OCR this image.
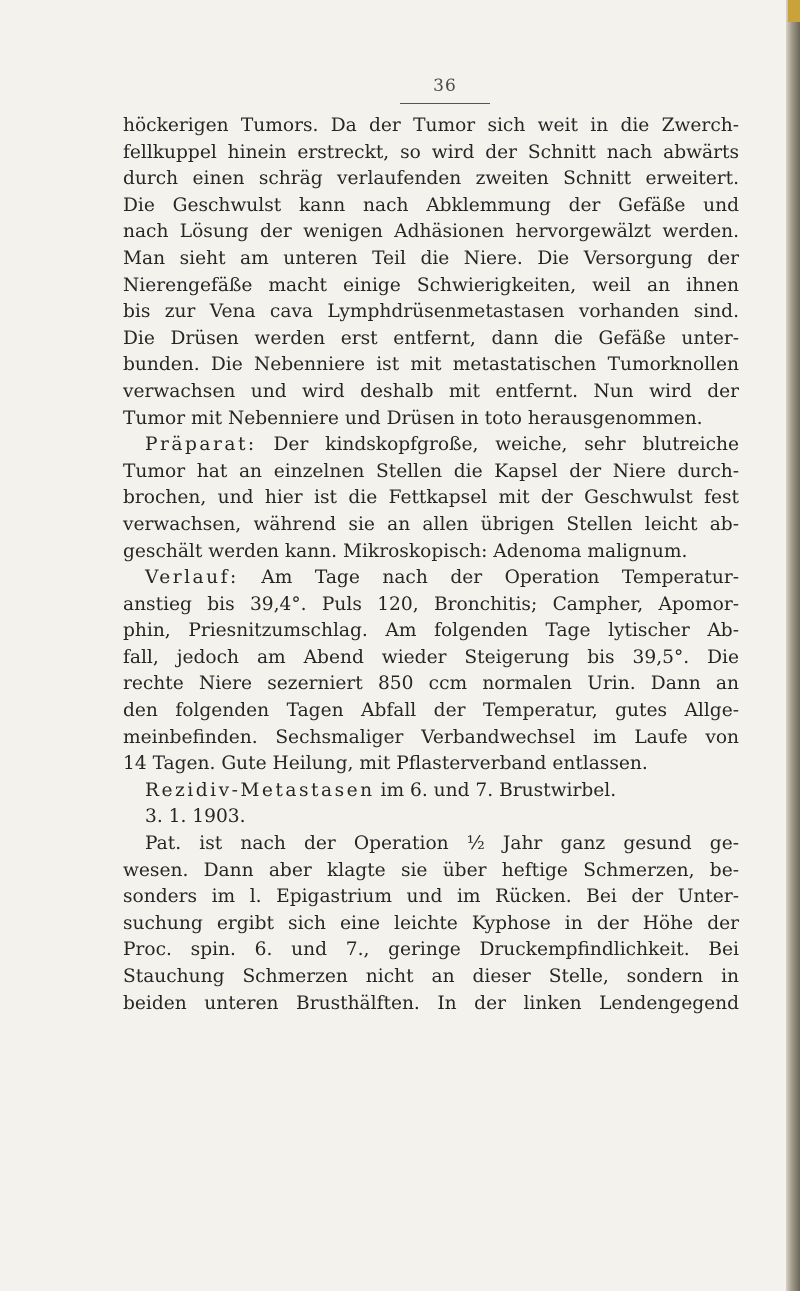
36
höckerigen Tumors. Da der Tumor sich weit in die Zwerch-
fellkuppel hinein erstreckt, so wird der Schnitt nach abwärts
durch einen schräg verlaufenden zweiten Schnitt erweitert.
Die Geschwulst kann nach Abklemmung der Gefäße und
nach Lösung der wenigen Adhäsionen hervorgewälzt werden.
Man sieht am unteren Teil die Niere. Die Versorgung der
Nierengefäße macht einige Schwierigkeiten, weil an ihnen
bis zur Vena cava Lymphdrüsenmetastasen vorhanden sind.
Die Drüsen werden erst entfernt, dann die Gefäße unter-
bunden. Die Nebenniere ist mit metastatischen Tumorknollen
verwachsen und wird deshalb mit entfernt. Nun wird der
Tumor mit Nebenniere und Drüsen in toto herausgenommen.
Präparat: Der kindskopfgroße, weiche, sehr blutreiche
Tumor hat an einzelnen Stellen die Kapsel der Niere durch-
brochen, und hier ist die Fettkapsel mit der Geschwulst fest
verwachsen, während sie an allen übrigen Stellen leicht ab-
geschält werden kann. Mikroskopisch: Adenoma malignum.
Verlauf: Am Tage nach der Operation Temperatur-
anstieg bis 39,4°. Puls 120, Bronchitis; Campher, Apomor-
phin, Priesnitzumschlag. Am folgenden Tage lytischer Ab-
fall, jedoch am Abend wieder Steigerung bis 39,5°. Die
rechte Niere sezerniert 850 ccm normalen Urin. Dann an
den folgenden Tagen Abfall der Temperatur, gutes Allge-
meinbefinden. Sechsmaliger Verbandwechsel im Laufe von
14 Tagen. Gute Heilung, mit Pflasterverband entlassen.
Rezidiv-Metastasen im 6. und 7. Brustwirbel.
3. 1. 1903.
Pat. ist nach der Operation ½ Jahr ganz gesund ge-
wesen. Dann aber klagte sie über heftige Schmerzen, be-
sonders im l. Epigastrium und im Rücken. Bei der Unter-
suchung ergibt sich eine leichte Kyphose in der Höhe der
Proc. spin. 6. und 7., geringe Druckempfindlichkeit. Bei
Stauchung Schmerzen nicht an dieser Stelle, sondern in
beiden unteren Brusthälften. In der linken Lendengegend
